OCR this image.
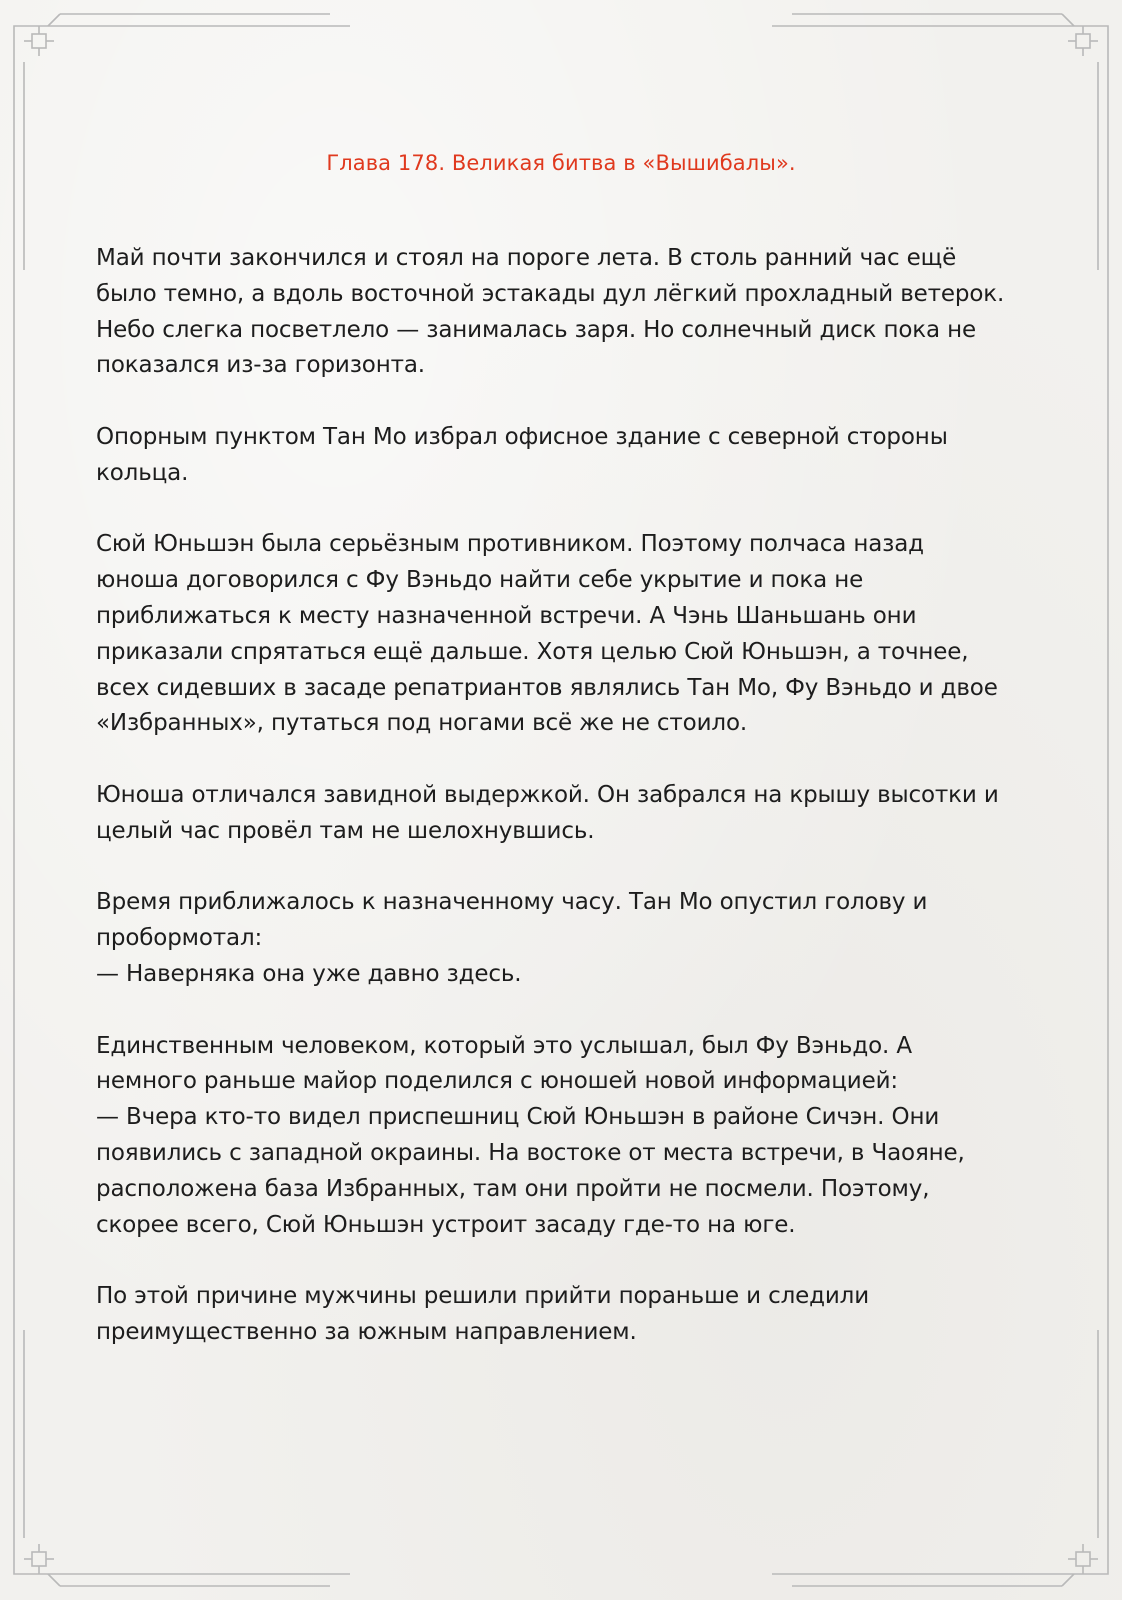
Глава 178. Великая битва в «Вышибалы».

Май почти закончился и стоял на пороге лета. В столь ранний час ещё
было темно, а вдоль восточной эстакады дул лёгкий прохладный ветерок.
Небо слегка посветлело — занималась заря. Но солнечный диск пока не
показался из-за горизонта.

Опорным пунктом Тан Мо избрал офисное здание с северной стороны
кольца.

Сюй Юньшэн была серьёзным противником. Поэтому полчаса назад
юноша договорился с Фу Вэньдо найти себе укрытие и пока не
приближаться к месту назначенной встречи. А Чэнь Шаньшань они
приказали спрятаться ещё дальше. Хотя целью Сюй Юньшэн, а точнее,
всех сидевших в засаде репатриантов являлись Тан Мо, Фу Вэньдо и двое
«Избранных», путаться под ногами всё же не стоило.

Юноша отличался завидной выдержкой. Он забрался на крышу высотки и
целый час провёл там не шелохнувшись.

Время приближалось к назначенному часу. Тан Мо опустил голову и
пробормотал:
— Наверняка она уже давно здесь.

Единственным человеком, который это услышал, был Фу Вэньдо. А
немного раньше майор поделился с юношей новой информацией:
— Вчера кто-то видел приспешниц Сюй Юньшэн в районе Сичэн. Они
появились с западной окраины. На востоке от места встречи, в Чаояне,
расположена база Избранных, там они пройти не посмели. Поэтому,
скорее всего, Сюй Юньшэн устроит засаду где-то на юге.

По этой причине мужчины решили прийти пораньше и следили
преимущественно за южным направлением.
